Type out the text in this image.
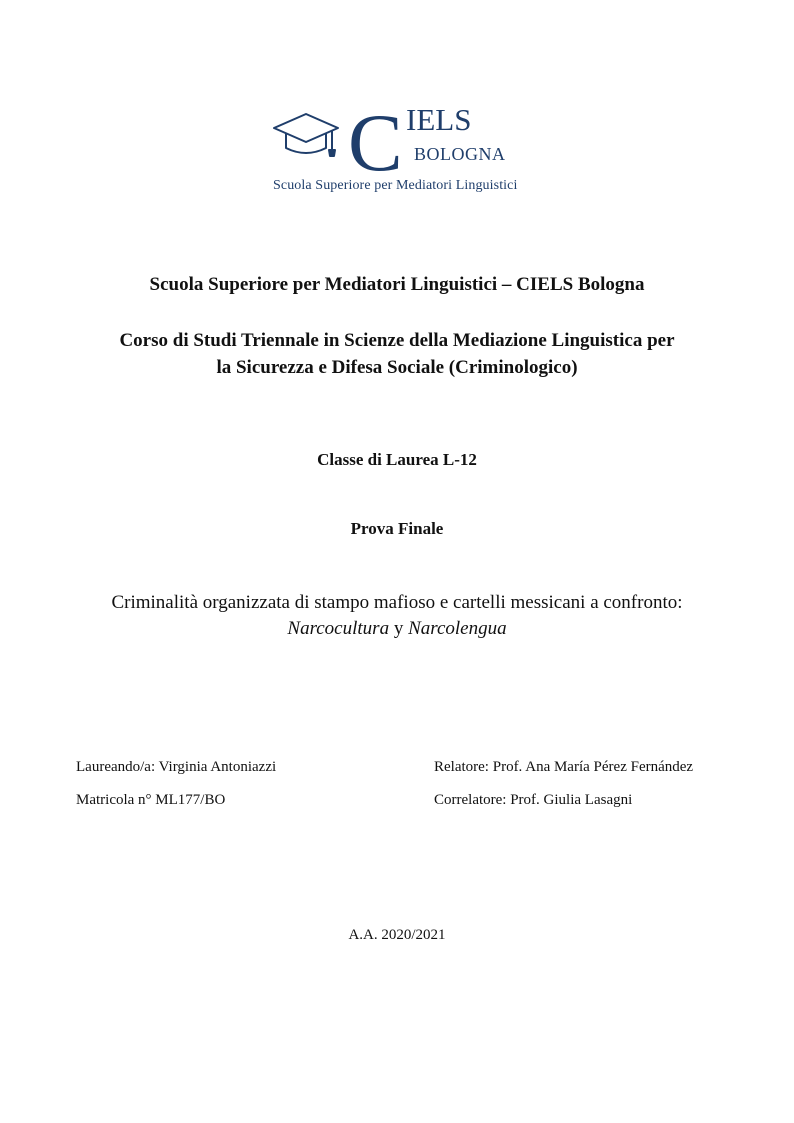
C IELS
BOLOGNA
Scuola Superiore per Mediatori Linguistici
Scuola Superiore per Mediatori Linguistici – CIELS Bologna
Corso di Studi Triennale in Scienze della Mediazione Linguistica per
la Sicurezza e Difesa Sociale (Criminologico)
Classe di Laurea L-12
Prova Finale
Criminalità organizzata di stampo mafioso e cartelli messicani a confronto:
Narcocultura y Narcolengua
Laureando/a: Virginia Antoniazzi	Relatore: Prof. Ana María Pérez Fernández
Matricola n° ML177/BO	Correlatore: Prof. Giulia Lasagni
A.A. 2020/2021
